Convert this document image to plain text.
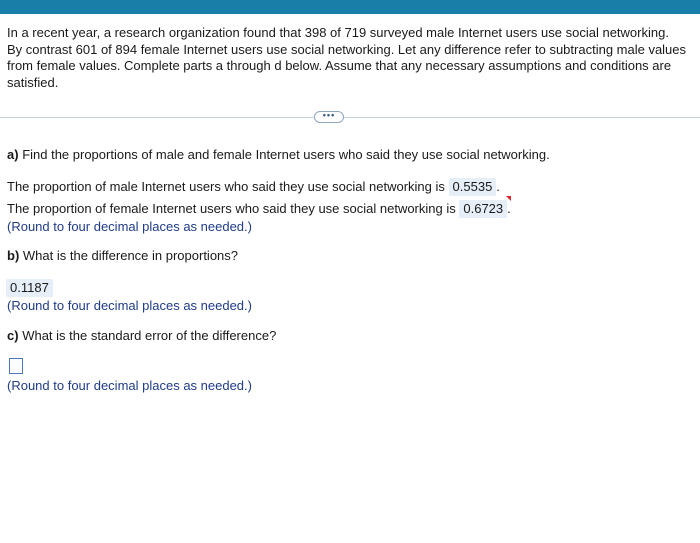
In a recent year, a research organization found that 398 of 719 surveyed male Internet users use social networking. By contrast 601 of 894 female Internet users use social networking. Let any difference refer to subtracting male values from female values. Complete parts a through d below. Assume that any necessary assumptions and conditions are satisfied.

•••

a) Find the proportions of male and female Internet users who said they use social networking.

The proportion of male Internet users who said they use social networking is 0.5535 .

The proportion of female Internet users who said they use social networking is 0.6723 .

(Round to four decimal places as needed.)

b) What is the difference in proportions?

0.1187

(Round to four decimal places as needed.)

c) What is the standard error of the difference?

(Round to four decimal places as needed.)
